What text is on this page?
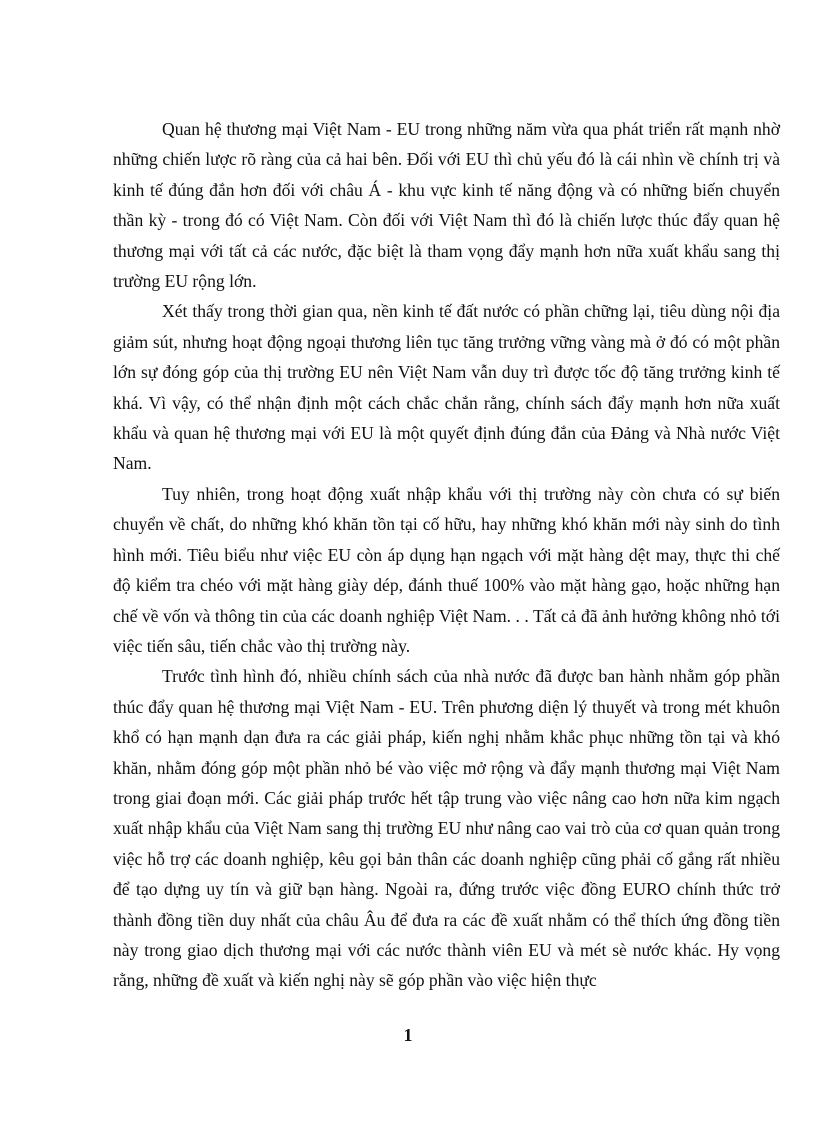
Quan hệ thương mại Việt Nam - EU trong những năm vừa qua phát triển rất mạnh nhờ những chiến lược rõ ràng của cả hai bên. Đối với EU thì chủ yếu đó là cái nhìn về chính trị và kinh tế đúng đắn hơn đối với châu Á - khu vực kinh tế năng động và có những biến chuyển thần kỳ - trong đó có Việt Nam. Còn đối với Việt Nam thì đó là chiến lược thúc đẩy quan hệ thương mại với tất cả các nước, đặc biệt là tham vọng đẩy mạnh hơn nữa xuất khẩu sang thị trường EU rộng lớn.

Xét thấy trong thời gian qua, nền kinh tế đất nước có phần chững lại, tiêu dùng nội địa giảm sút, nhưng hoạt động ngoại thương liên tục tăng trưởng vững vàng mà ở đó có một phần lớn sự đóng góp của thị trường EU nên Việt Nam vẫn duy trì được tốc độ tăng trưởng kinh tế khá. Vì vậy, có thể nhận định một cách chắc chắn rằng, chính sách đẩy mạnh hơn nữa xuất khẩu và quan hệ thương mại với EU là một quyết định đúng đắn của Đảng và Nhà nước Việt Nam.

Tuy nhiên, trong hoạt động xuất nhập khẩu với thị trường này còn chưa có sự biến chuyển về chất, do những khó khăn tồn tại cố hữu, hay những khó khăn mới này sinh do tình hình mới. Tiêu biểu như việc EU còn áp dụng hạn ngạch với mặt hàng dệt may, thực thi chế độ kiểm tra chéo với mặt hàng giày dép, đánh thuế 100% vào mặt hàng gạo, hoặc những hạn chế về vốn và thông tin của các doanh nghiệp Việt Nam. . . Tất cả đã ảnh hưởng không nhỏ tới việc tiến sâu, tiến chắc vào thị trường này.

Trước tình hình đó, nhiều chính sách của nhà nước đã được ban hành nhằm góp phần thúc đẩy quan hệ thương mại Việt Nam - EU. Trên phương diện lý thuyết và trong mét khuôn khổ có hạn mạnh dạn đưa ra các giải pháp, kiến nghị nhằm khắc phục những tồn tại và khó khăn, nhằm đóng góp một phần nhỏ bé vào việc mở rộng và đẩy mạnh thương mại Việt Nam trong giai đoạn mới. Các giải pháp trước hết tập trung vào việc nâng cao hơn nữa kim ngạch xuất nhập khẩu của Việt Nam sang thị trường EU như nâng cao vai trò của cơ quan quản trong việc hỗ trợ các doanh nghiệp, kêu gọi bản thân các doanh nghiệp cũng phải cố gắng rất nhiều để tạo dựng uy tín và giữ bạn hàng. Ngoài ra, đứng trước việc đồng EURO chính thức trở thành đồng tiền duy nhất của châu Âu để đưa ra các đề xuất nhằm có thể thích ứng đồng tiền này trong giao dịch thương mại với các nước thành viên EU và mét sè nước khác. Hy vọng rằng, những đề xuất và kiến nghị này sẽ góp phần vào việc hiện thực

1
